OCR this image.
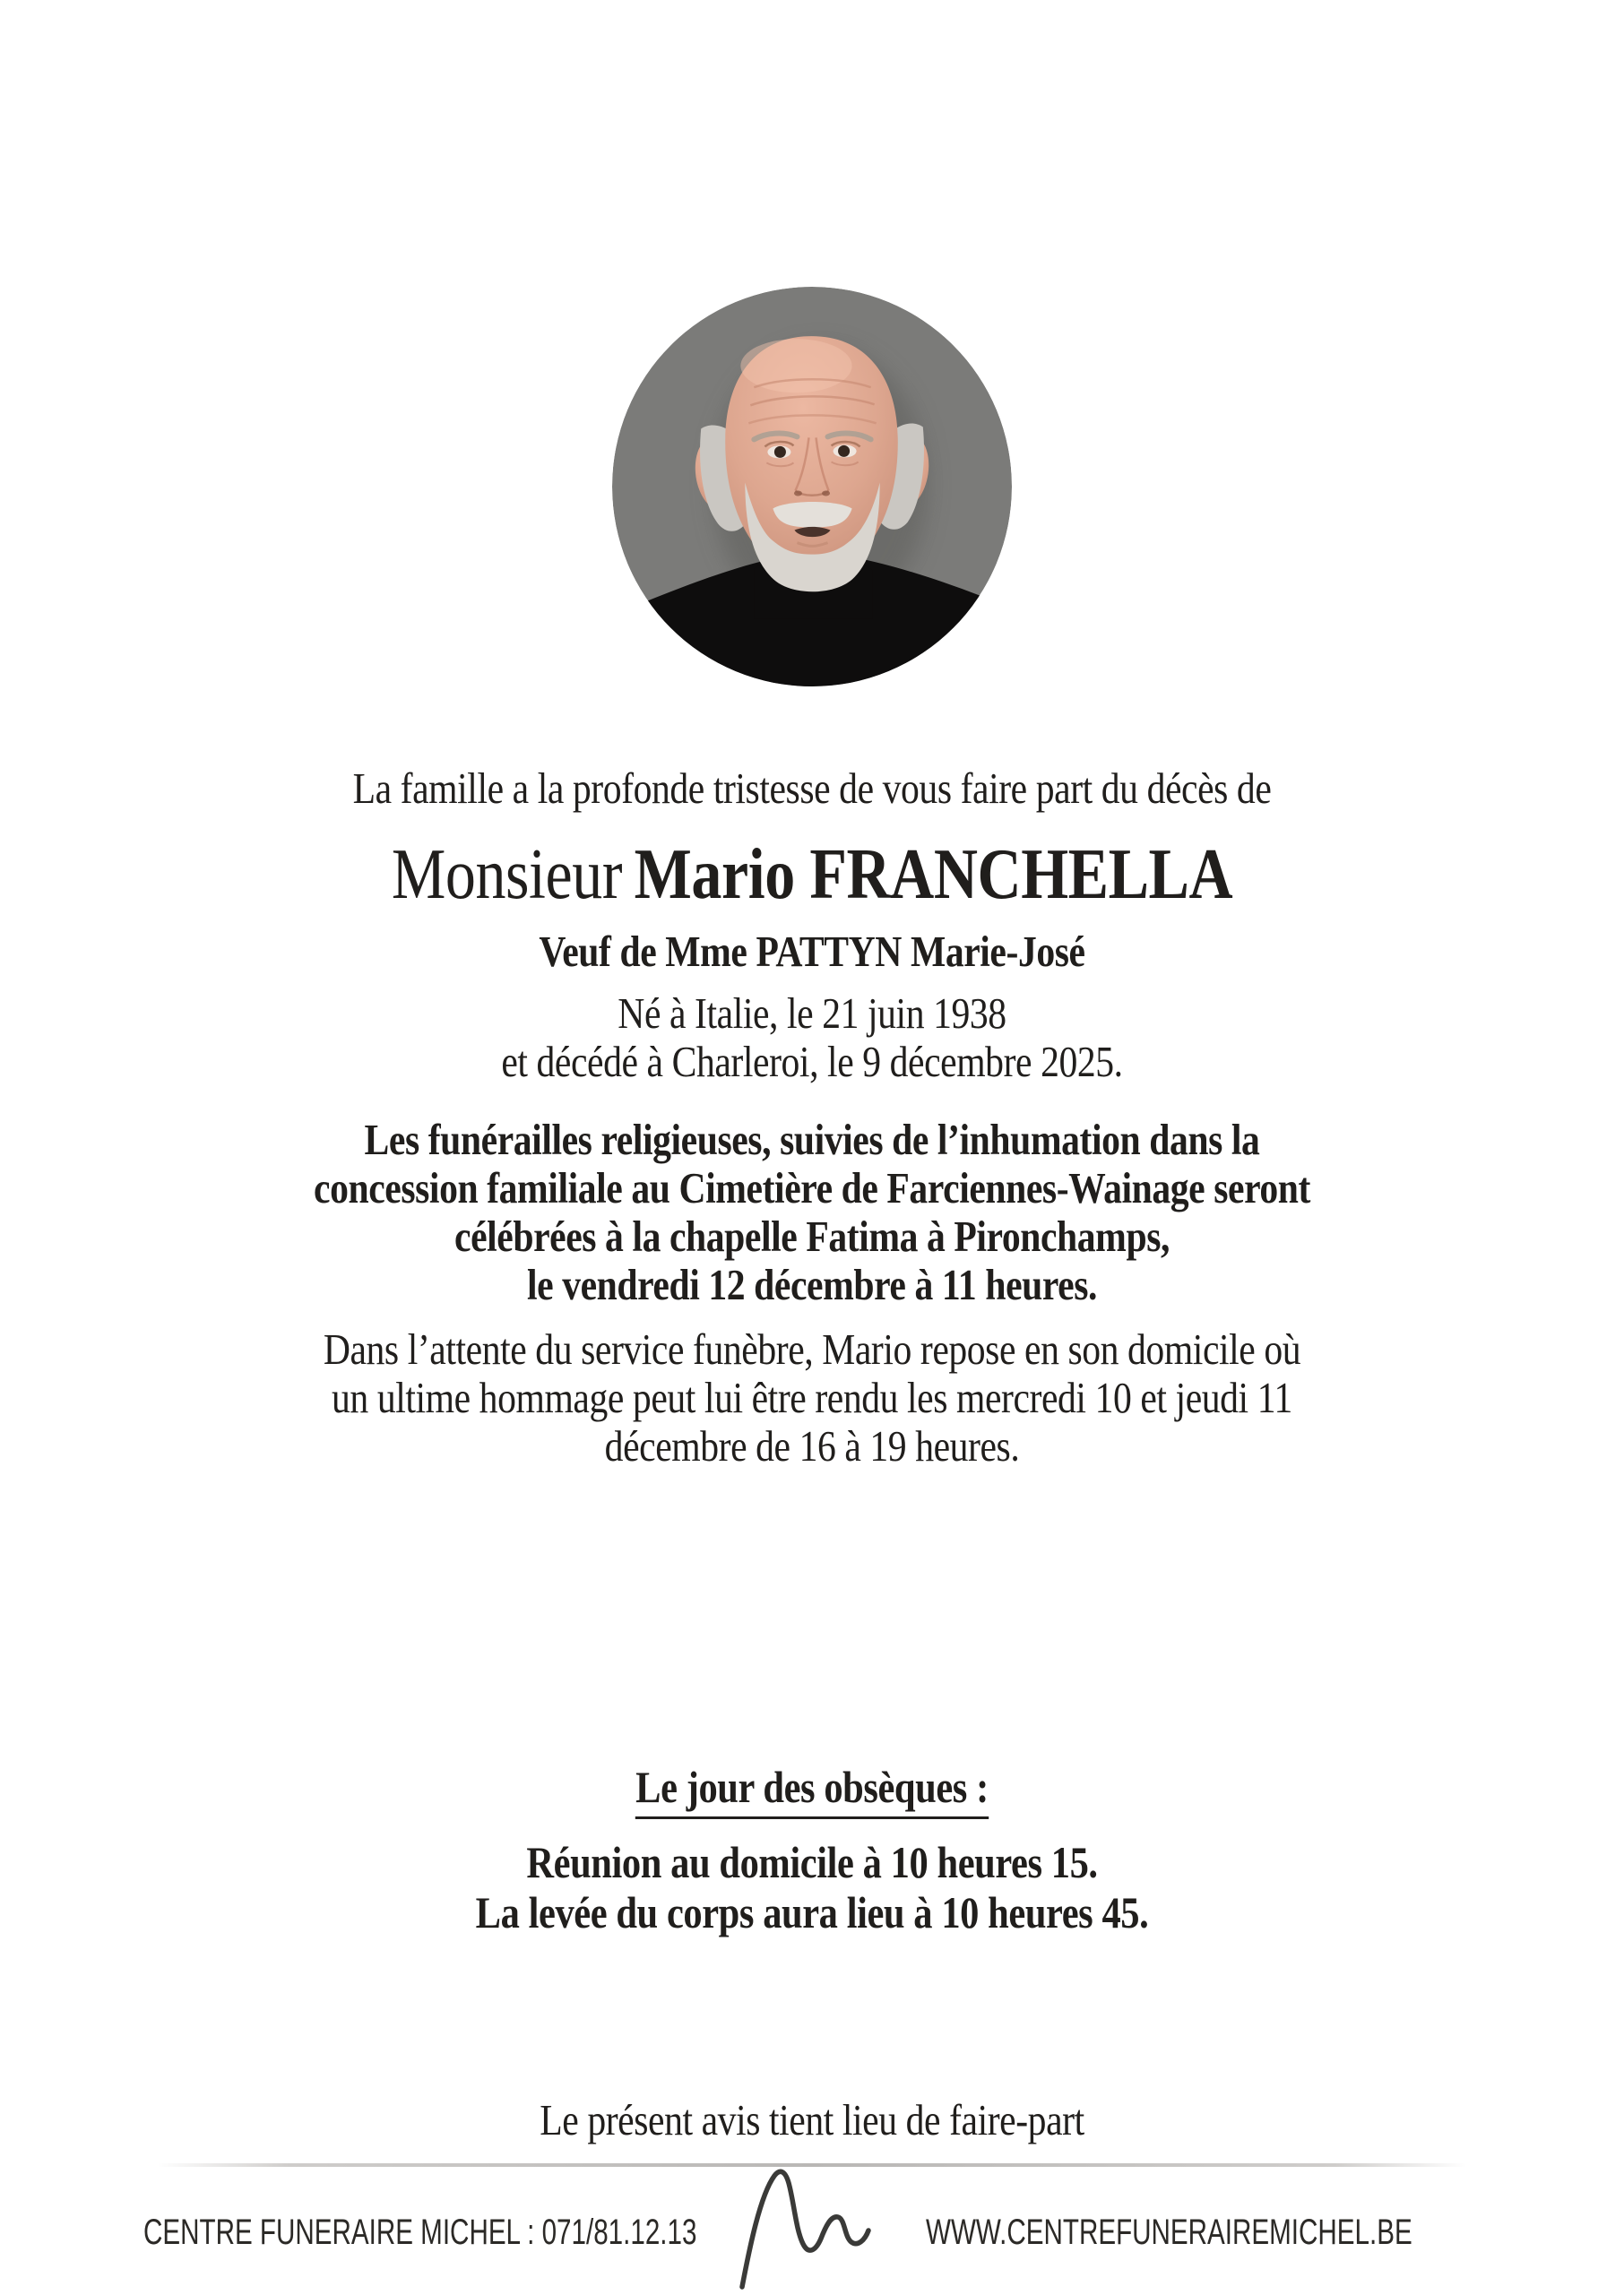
La famille a la profonde tristesse de vous faire part du décès de
Monsieur Mario FRANCHELLA
Veuf de Mme PATTYN Marie-José
Né à Italie, le 21 juin 1938
et décédé à Charleroi, le 9 décembre 2025.
Les funérailles religieuses, suivies de l’inhumation dans la
concession familiale au Cimetière de Farciennes-Wainage seront
célébrées à la chapelle Fatima à Pironchamps,
le vendredi 12 décembre à 11 heures.
Dans l’attente du service funèbre, Mario repose en son domicile où
un ultime hommage peut lui être rendu les mercredi 10 et jeudi 11
décembre de 16 à 19 heures.
Le jour des obsèques :
Réunion au domicile à 10 heures 15.
La levée du corps aura lieu à 10 heures 45.
Le présent avis tient lieu de faire-part
CENTRE FUNERAIRE MICHEL : 071/81.12.13	WWW.CENTREFUNERAIREMICHEL.BE
